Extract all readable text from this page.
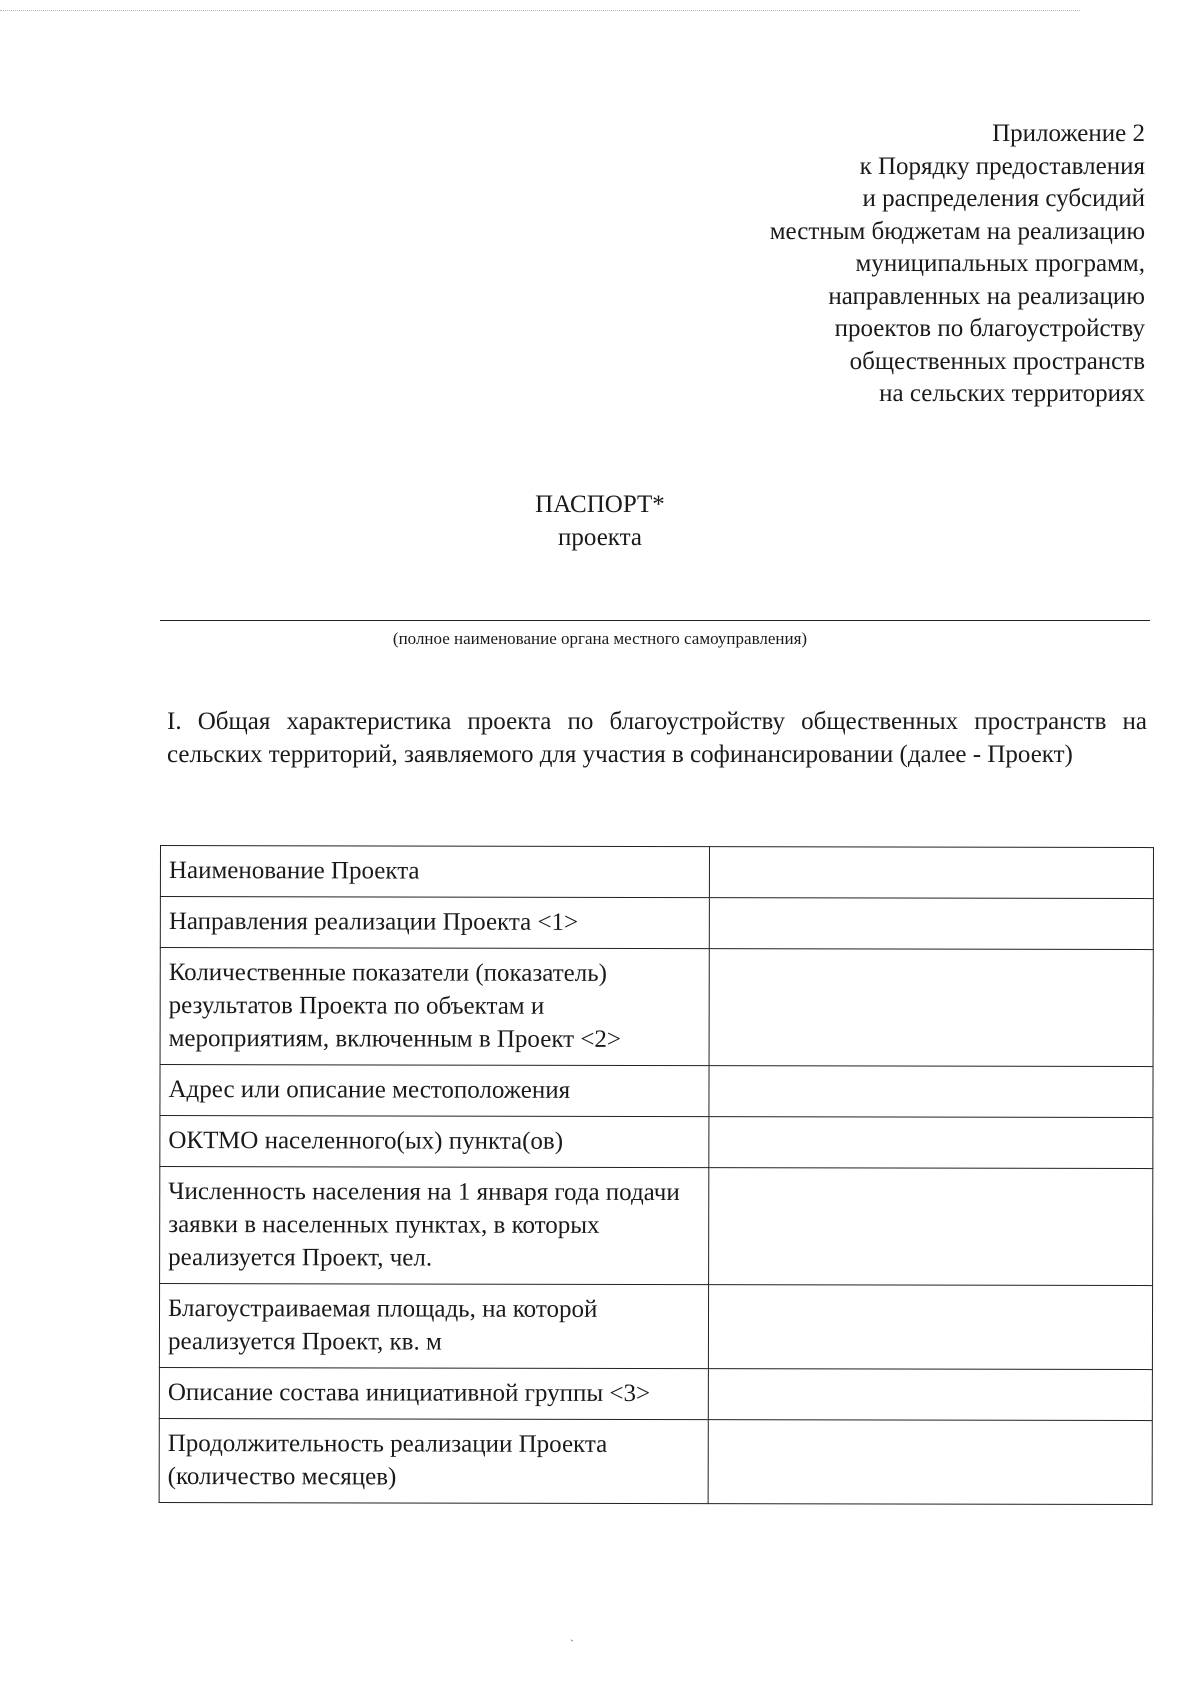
Приложение 2
к Порядку предоставления
и распределения субсидий
местным бюджетам на реализацию
муниципальных программ,
направленных на реализацию
проектов по благоустройству
общественных пространств
на сельских территориях
ПАСПОРТ*
проекта
(полное наименование органа местного самоуправления)
I. Общая характеристика проекта по благоустройству общественных пространств на сельских территорий, заявляемого для участия в софинансировании (далее - Проект)
Наименование Проекта	
Направления реализации Проекта <1>	
Количественные показатели (показатель) результатов Проекта по объектам и мероприятиям, включенным в Проект <2>	
Адрес или описание местоположения	
ОКТМО населенного(ых) пункта(ов)	
Численность населения на 1 января года подачи заявки в населенных пунктах, в которых реализуется Проект, чел.	
Благоустраиваемая площадь, на которой реализуется Проект, кв. м	
Описание состава инициативной группы <3>	
Продолжительность реализации Проекта (количество месяцев)	
ˏ
